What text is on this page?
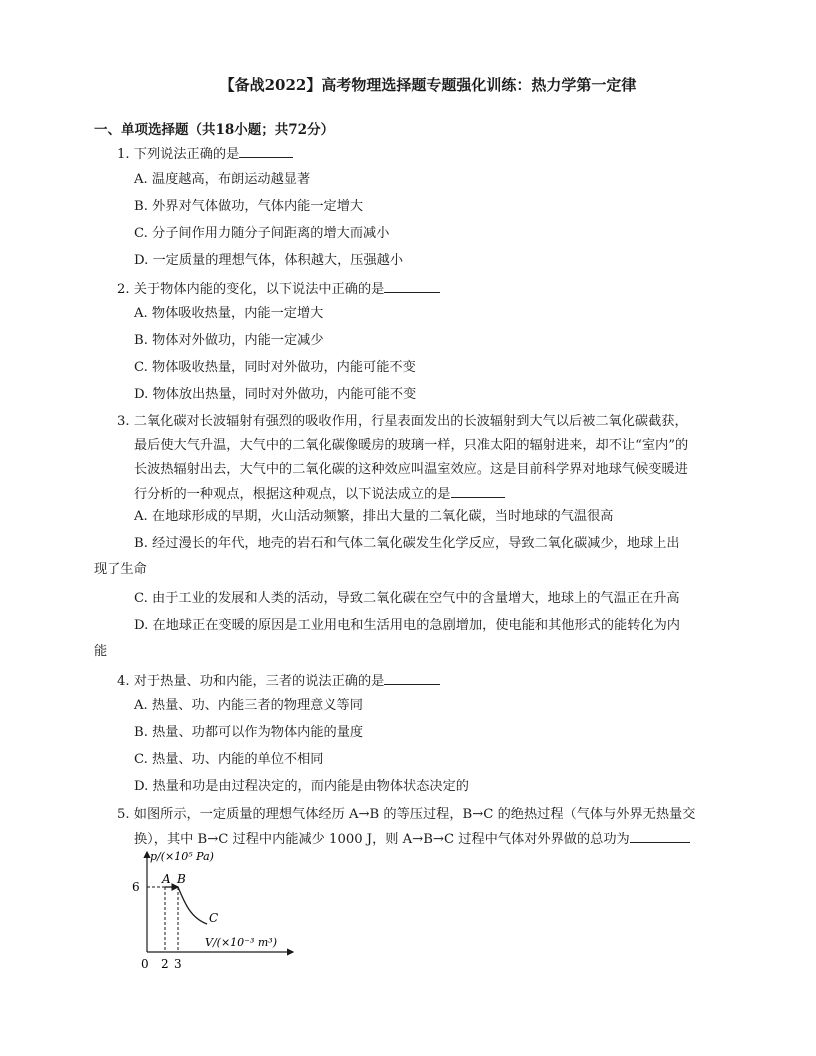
【备战2022】高考物理选择题专题强化训练：热力学第一定律
一、单项选择题（共18小题；共72分）
1. 下列说法正确的是
A. 温度越高，布朗运动越显著
B. 外界对气体做功，气体内能一定增大
C. 分子间作用力随分子间距离的增大而减小
D. 一定质量的理想气体，体积越大，压强越小
2. 关于物体内能的变化，以下说法中正确的是
A. 物体吸收热量，内能一定增大
B. 物体对外做功，内能一定减少
C. 物体吸收热量，同时对外做功，内能可能不变
D. 物体放出热量，同时对外做功，内能可能不变
3. 二氧化碳对长波辐射有强烈的吸收作用，行星表面发出的长波辐射到大气以后被二氧化碳截获，
最后使大气升温，大气中的二氧化碳像暖房的玻璃一样，只准太阳的辐射进来，却不让“室内”的
长波热辐射出去，大气中的二氧化碳的这种效应叫温室效应。这是目前科学界对地球气候变暖进
行分析的一种观点，根据这种观点，以下说法成立的是
A. 在地球形成的早期，火山活动频繁，排出大量的二氧化碳，当时地球的气温很高
B. 经过漫长的年代，地壳的岩石和气体二氧化碳发生化学反应，导致二氧化碳减少，地球上出
现了生命
C. 由于工业的发展和人类的活动，导致二氧化碳在空气中的含量增大，地球上的气温正在升高
D. 在地球正在变暖的原因是工业用电和生活用电的急剧增加，使电能和其他形式的能转化为内
能
4. 对于热量、功和内能，三者的说法正确的是
A. 热量、功、内能三者的物理意义等同
B. 热量、功都可以作为物体内能的量度
C. 热量、功、内能的单位不相同
D. 热量和功是由过程决定的，而内能是由物体状态决定的
5. 如图所示，一定质量的理想气体经历 A→B 的等压过程，B→C 的绝热过程（气体与外界无热量交
换），其中 B→C 过程中内能减少 1000 J，则 A→B→C 过程中气体对外界做的总功为
p/(×10⁵ Pa)
V/(×10⁻³ m³)
6
0 2 3
A B
C
